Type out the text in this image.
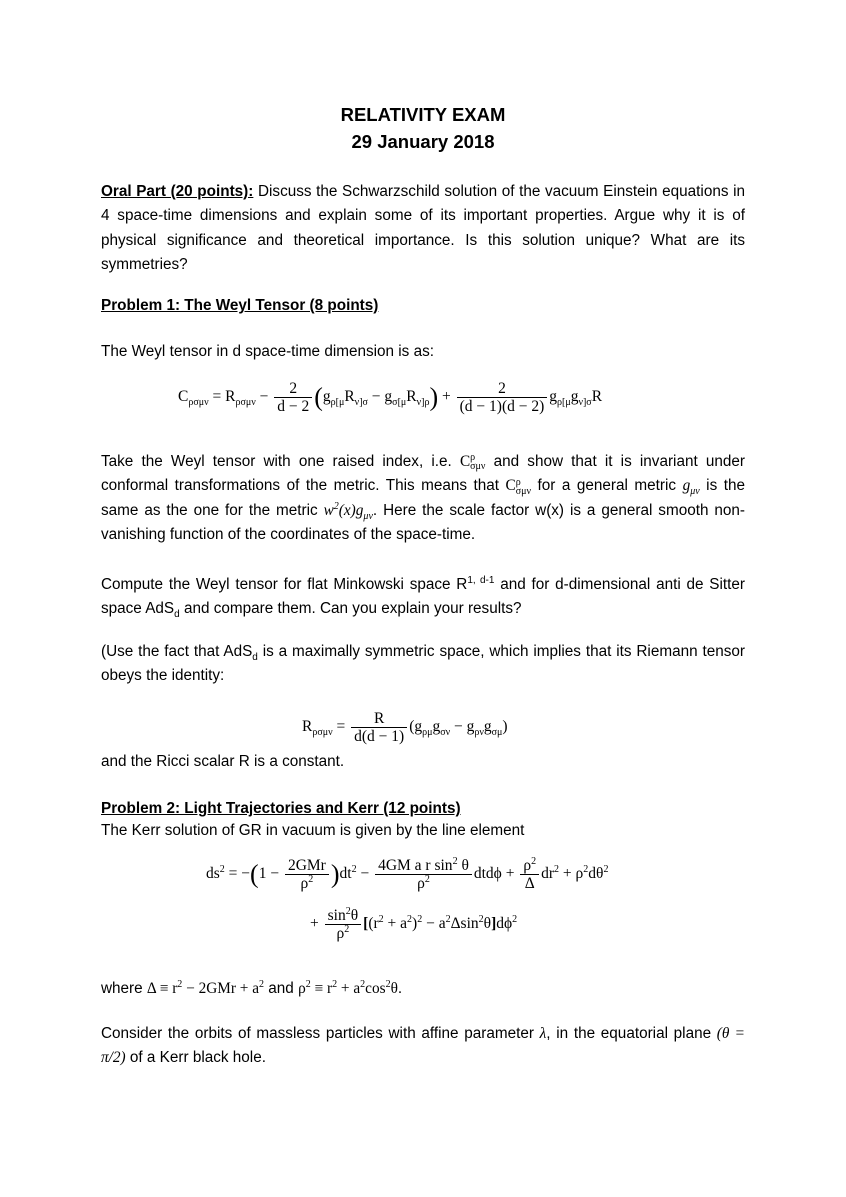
RELATIVITY EXAM
29 January 2018
Oral Part (20 points): Discuss the Schwarzschild solution of the vacuum Einstein equations in 4 space-time dimensions and explain some of its important properties. Argue why it is of physical significance and theoretical importance. Is this solution unique? What are its symmetries?
Problem 1: The Weyl Tensor (8 points)
The Weyl tensor in d space-time dimension is as:
$C_{\rho\sigma\mu\nu} = R_{\rho\sigma\mu\nu} - \frac{2}{d - 2} (g_{\rho[\mu}R_{\nu]\sigma} - g_{\sigma[\mu}R_{\nu]\rho}) + \frac{2}{(d - 1)(d - 2)} g_{\rho[\mu}g_{\nu]\sigma}R$
Take the Weyl tensor with one raised index, i.e. Cρ
σμν and show that it is invariant under conformal transformations of the metric. This means that Cρ
σμν for a general metric $g_{\mu\nu}$ is the same as the one for the metric $w^2(x)g_{\mu\nu}$. Here the scale factor w(x) is a general smooth non-vanishing function of the coordinates of the space-time.
Compute the Weyl tensor for flat Minkowski space R$^{1, d-1}$ and for d-dimensional anti de Sitter space AdS$_d$ and compare them. Can you explain your results?
(Use the fact that AdS$_d$ is a maximally symmetric space, which implies that its Riemann tensor obeys the identity:
$R_{\rho\sigma\mu\nu} = \frac{R}{d(d - 1)} (g_{\rho\mu}g_{\sigma\nu} - g_{\rho\nu}g_{\sigma\mu})$
and the Ricci scalar R is a constant.
Problem 2: Light Trajectories and Kerr (12 points)
The Kerr solution of GR in vacuum is given by the line element
$ds^2 = -(1 - \frac{\text{2GMr}}{\rho^2} )dt^2 - \frac{4GM a r \sin^2 \theta}{\rho^2}$ $dtd\phi + \frac{\rho^2}{\Delta} dr^2 + \rho^2d\theta^2$
+ $\frac{\sin^2\theta}{\rho^2} [(r^2 + a^2)^2 - a^2\Delta\sin^2\theta]d\phi^2$
where $\Delta \equiv r^2 - 2GMr + a^2$ and $\rho^2 \equiv r^2 + a^2\cos^2\theta$.
Consider the orbits of massless particles with affine parameter λ, in the equatorial plane (θ = π/2) of a Kerr black hole.
